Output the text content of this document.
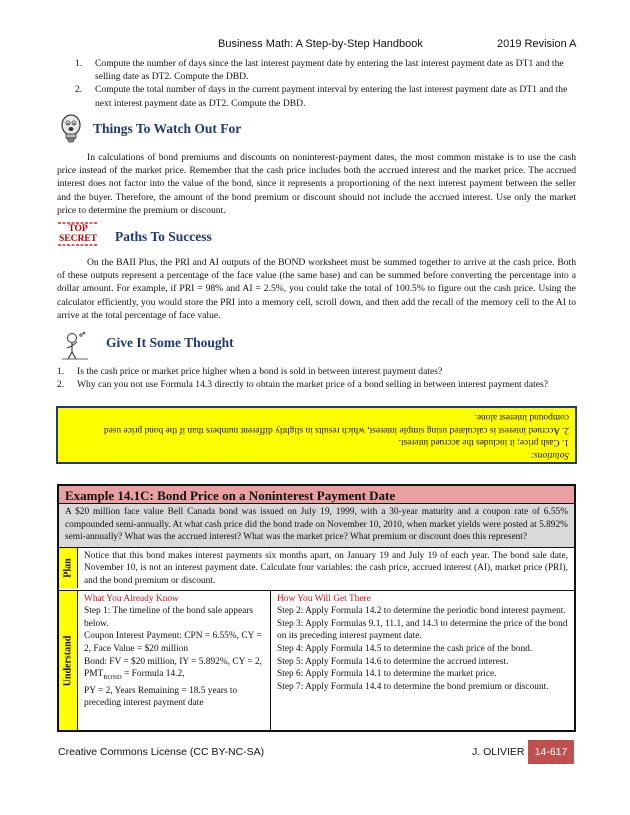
Business Math: A Step-by-Step Handbook	2019 Revision A
1. Compute the number of days since the last interest payment date by entering the last interest payment date as DT1 and the selling date as DT2. Compute the DBD.
2. Compute the total number of days in the current payment interval by entering the last interest payment date as DT1 and the next interest payment date as DT2. Compute the DBD.
Things To Watch Out For
In calculations of bond premiums and discounts on noninterest-payment dates, the most common mistake is to use the cash price instead of the market price. Remember that the cash price includes both the accrued interest and the market price. The accrued interest does not factor into the value of the bond, since it represents a proportioning of the next interest payment between the seller and the buyer. Therefore, the amount of the bond premium or discount should not include the accrued interest. Use only the market price to determine the premium or discount.
TOP
SECRET Paths To Success
On the BAII Plus, the PRI and AI outputs of the BOND worksheet must be summed together to arrive at the cash price. Both of these outputs represent a percentage of the face value (the same base) and can be summed before converting the percentage into a dollar amount. For example, if PRI = 98% and AI = 2.5%, you could take the total of 100.5% to figure out the cash price. Using the calculator efficiently, you would store the PRI into a memory cell, scroll down, and then add the recall of the memory cell to the AI to arrive at the total percentage of face value.
Give It Some Thought
1. Is the cash price or market price higher when a bond is sold in between interest payment dates?
2. Why can you not use Formula 14.3 directly to obtain the market price of a bond selling in between interest payment dates?
Solutions:
1. Cash price; it includes the accrued interest.
2. Accrued interest is calculated using simple interest, which results in slightly different numbers than if the bond price used compound interest alone.
Example 14.1C: Bond Price on a Noninterest Payment Date
A $20 million face value Bell Canada bond was issued on July 19, 1999, with a 30-year maturity and a coupon rate of 6.55% compounded semi-annually. At what cash price did the bond trade on November 10, 2010, when market yields were posted at 5.892% semi-annually? What was the accrued interest? What was the market price? What premium or discount does this represent?
Plan
Notice that this bond makes interest payments six months apart, on January 19 and July 19 of each year. The bond sale date, November 10, is not an interest payment date. Calculate four variables: the cash price, accrued interest (AI), market price (PRI), and the bond premium or discount.
Understand
What You Already Know
Step 1: The timeline of the bond sale appears below.
Coupon Interest Payment: CPN = 6.55%, CY = 2, Face Value = $20 million
Bond: FV = $20 million, IY = 5.892%, CY = 2, $PMT_{BOND}$ = Formula 14.2,
PY = 2, Years Remaining = 18.5 years to preceding interest payment date
How You Will Get There
Step 2: Apply Formula 14.2 to determine the periodic bond interest payment.
Step 3: Apply Formulas 9.1, 11.1, and 14.3 to determine the price of the bond on its preceding interest payment date.
Step 4: Apply Formula 14.5 to determine the cash price of the bond.
Step 5: Apply Formula 14.6 to determine the accrued interest.
Step 6: Apply Formula 14.1 to determine the market price.
Step 7: Apply Formula 14.4 to determine the bond premium or discount.
Creative Commons License (CC BY-NC-SA)	J. OLIVIER 14-617
